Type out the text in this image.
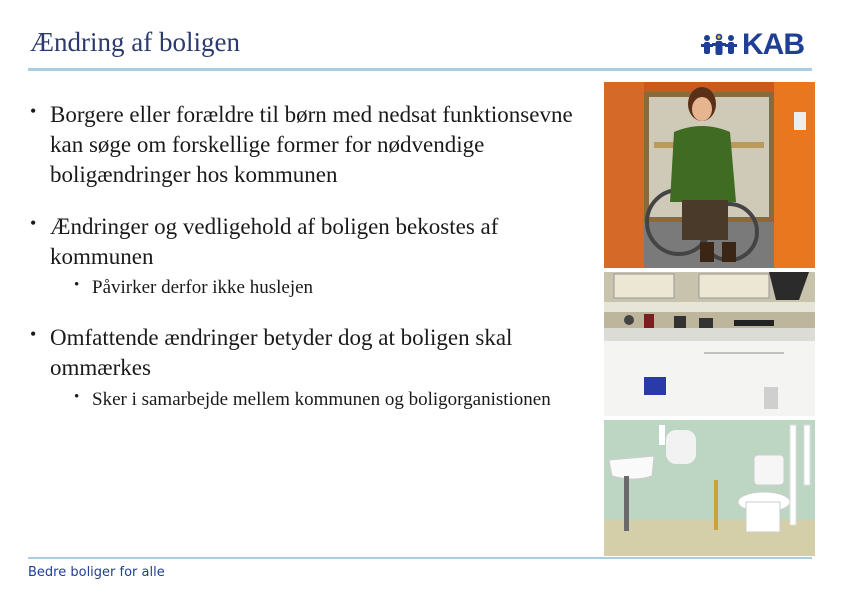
Ændring af boligen	KAB
• Borgere eller forældre til børn med nedsat funktionsevne kan søge om forskellige former for nødvendige boligændringer hos kommunen
• Ændringer og vedligehold af boligen bekostes af kommunen
• Påvirker derfor ikke huslejen
• Omfattende ændringer betyder dog at boligen skal ommærkes
• Sker i samarbejde mellem kommunen og boligorganistionen
Bedre boliger for alle
